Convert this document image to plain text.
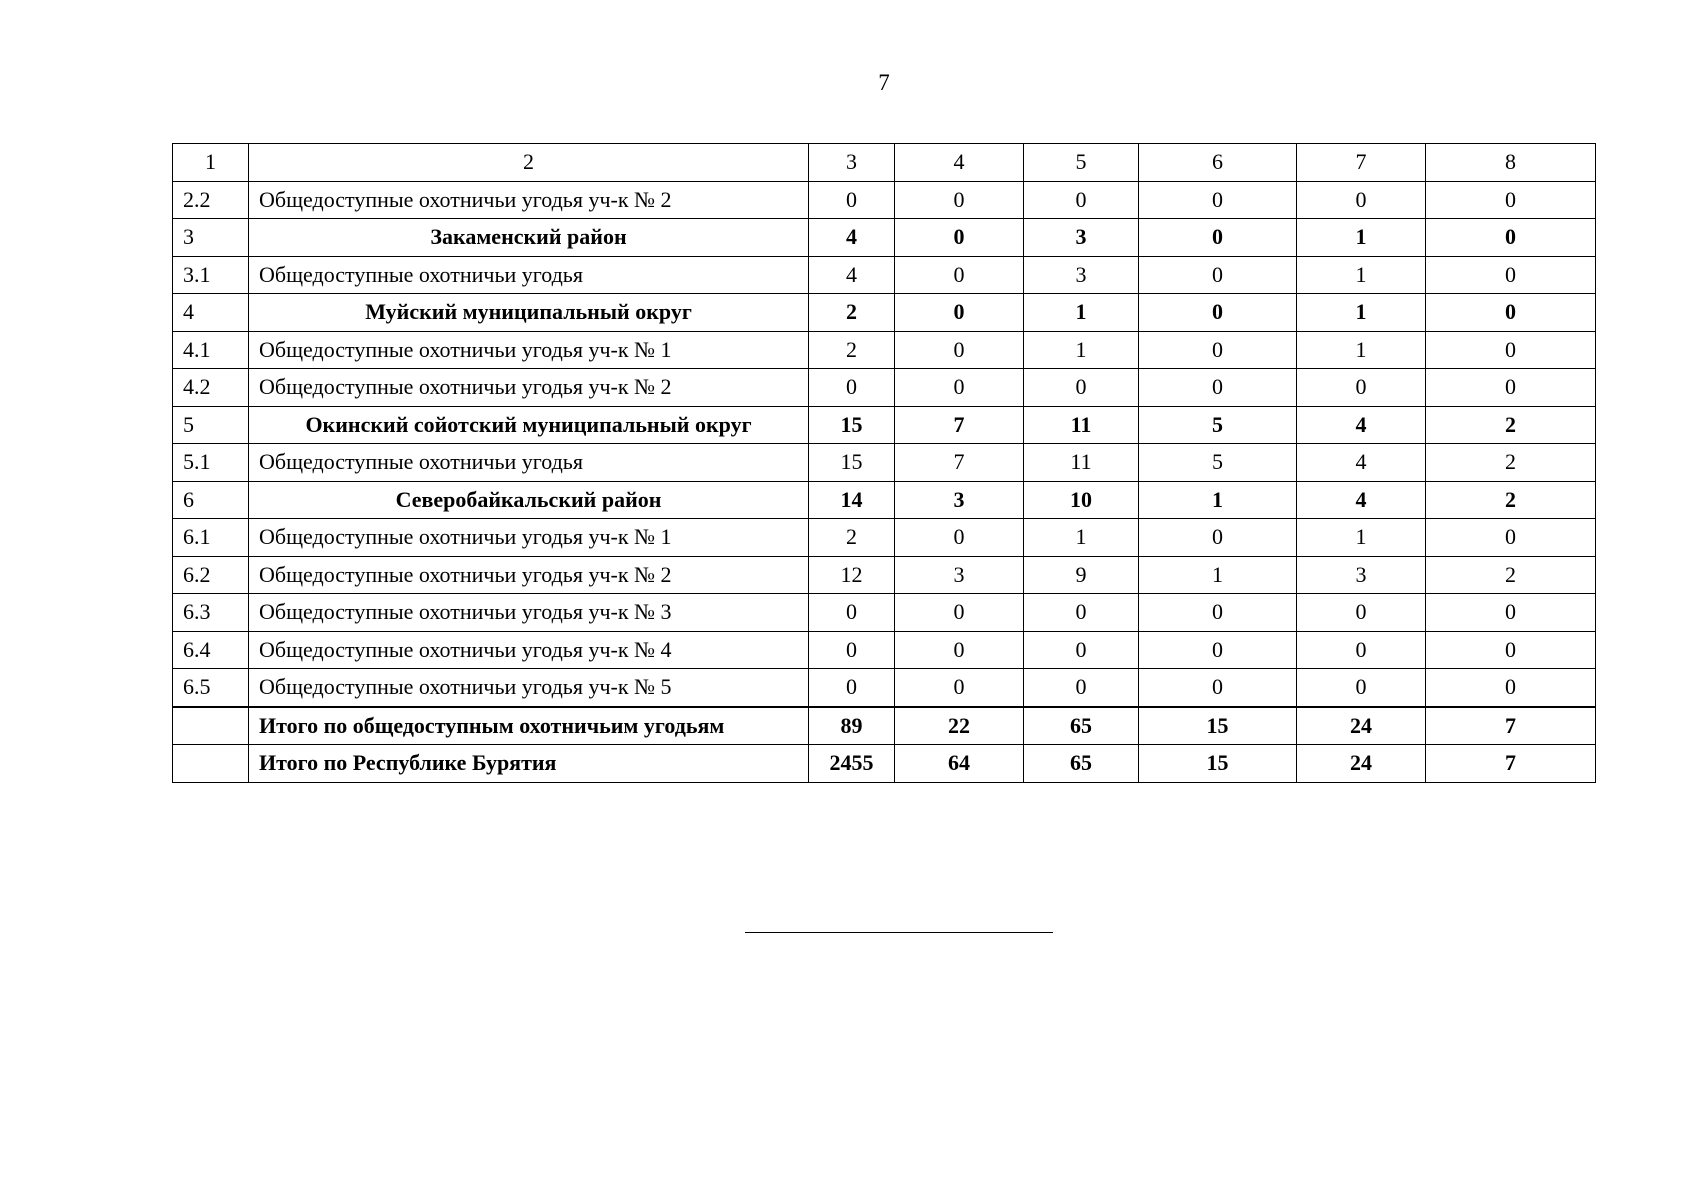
7
1	2	3	4	5	6	7	8
2.2	Общедоступные охотничьи угодья уч-к № 2	0	0	0	0	0	0
3	Закаменский район	4	0	3	0	1	0
3.1	Общедоступные охотничьи угодья	4	0	3	0	1	0
4	Муйский муниципальный округ	2	0	1	0	1	0
4.1	Общедоступные охотничьи угодья уч-к № 1	2	0	1	0	1	0
4.2	Общедоступные охотничьи угодья уч-к № 2	0	0	0	0	0	0
5	Окинский сойотский муниципальный округ	15	7	11	5	4	2
5.1	Общедоступные охотничьи угодья	15	7	11	5	4	2
6	Северобайкальский район	14	3	10	1	4	2
6.1	Общедоступные охотничьи угодья уч-к № 1	2	0	1	0	1	0
6.2	Общедоступные охотничьи угодья уч-к № 2	12	3	9	1	3	2
6.3	Общедоступные охотничьи угодья уч-к № 3	0	0	0	0	0	0
6.4	Общедоступные охотничьи угодья уч-к № 4	0	0	0	0	0	0
6.5	Общедоступные охотничьи угодья уч-к № 5	0	0	0	0	0	0
	Итого по общедоступным охотничьим угодьям	89	22	65	15	24	7
	Итого по Республике Бурятия	2455	64	65	15	24	7
